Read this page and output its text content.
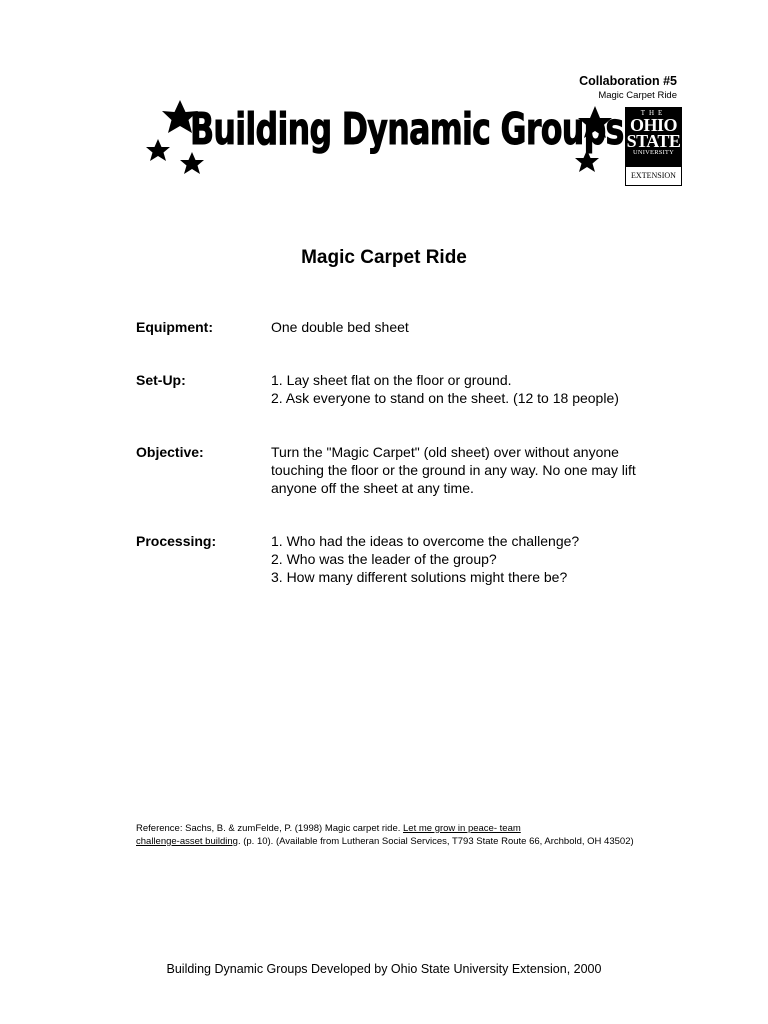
Collaboration #5
Magic Carpet Ride
Building Dynamic Groups	THE
OHIO
STATE
UNIVERSITY
EXTENSION
Magic Carpet Ride
Equipment:	One double bed sheet
Set-Up:	1. Lay sheet flat on the floor or ground.
2. Ask everyone to stand on the sheet. (12 to 18 people)
Objective:	Turn the "Magic Carpet" (old sheet) over without anyone
touching the floor or the ground in any way. No one may lift
anyone off the sheet at any time.
Processing:	1. Who had the ideas to overcome the challenge?
2. Who was the leader of the group?
3. How many different solutions might there be?
Reference: Sachs, B. & zumFelde, P. (1998) Magic carpet ride. Let me grow in peace- team
challenge-asset building. (p. 10). (Available from Lutheran Social Services, T793 State Route 66, Archbold, OH 43502)
Building Dynamic Groups Developed by Ohio State University Extension, 2000
